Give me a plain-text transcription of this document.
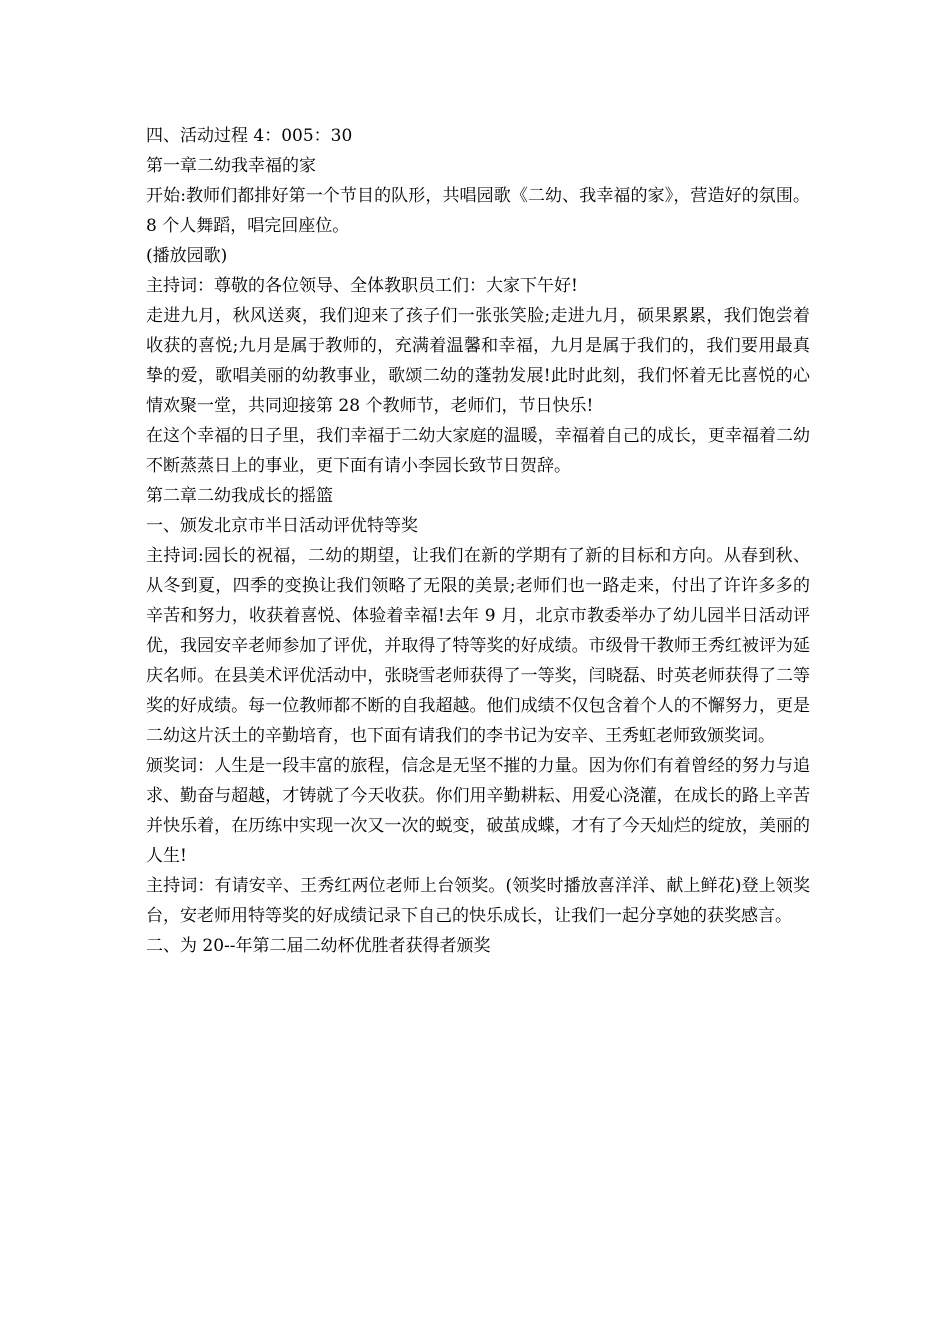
四、活动过程 4：005：30

第一章二幼我幸福的家

开始:教师们都排好第一个节目的队形，共唱园歌《二幼、我幸福的家》，营造好的氛围。8 个人舞蹈，唱完回座位。

(播放园歌)

主持词：尊敬的各位领导、全体教职员工们：大家下午好!

走进九月，秋风送爽，我们迎来了孩子们一张张笑脸;走进九月，硕果累累，我们饱尝着收获的喜悦;九月是属于教师的，充满着温馨和幸福，九月是属于我们的，我们要用最真挚的爱，歌唱美丽的幼教事业，歌颂二幼的蓬勃发展!此时此刻，我们怀着无比喜悦的心情欢聚一堂，共同迎接第 28 个教师节，老师们，节日快乐!

在这个幸福的日子里，我们幸福于二幼大家庭的温暖，幸福着自己的成长，更幸福着二幼不断蒸蒸日上的事业，更下面有请小李园长致节日贺辞。

第二章二幼我成长的摇篮

一、颁发北京市半日活动评优特等奖

主持词:园长的祝福，二幼的期望，让我们在新的学期有了新的目标和方向。从春到秋、从冬到夏，四季的变换让我们领略了无限的美景;老师们也一路走来，付出了许许多多的辛苦和努力，收获着喜悦、体验着幸福!去年 9 月，北京市教委举办了幼儿园半日活动评优，我园安辛老师参加了评优，并取得了特等奖的好成绩。市级骨干教师王秀红被评为延庆名师。在县美术评优活动中，张晓雪老师获得了一等奖，闫晓磊、时英老师获得了二等奖的好成绩。每一位教师都不断的自我超越。他们成绩不仅包含着个人的不懈努力，更是二幼这片沃土的辛勤培育，也下面有请我们的李书记为安辛、王秀虹老师致颁奖词。

颁奖词：人生是一段丰富的旅程，信念是无坚不摧的力量。因为你们有着曾经的努力与追求、勤奋与超越，才铸就了今天收获。你们用辛勤耕耘、用爱心浇灌，在成长的路上辛苦并快乐着，在历练中实现一次又一次的蜕变，破茧成蝶，才有了今天灿烂的绽放，美丽的人生!

主持词：有请安辛、王秀红两位老师上台领奖。(领奖时播放喜洋洋、献上鲜花)登上领奖台，安老师用特等奖的好成绩记录下自己的快乐成长，让我们一起分享她的获奖感言。

二、为 20--年第二届二幼杯优胜者获得者颁奖
